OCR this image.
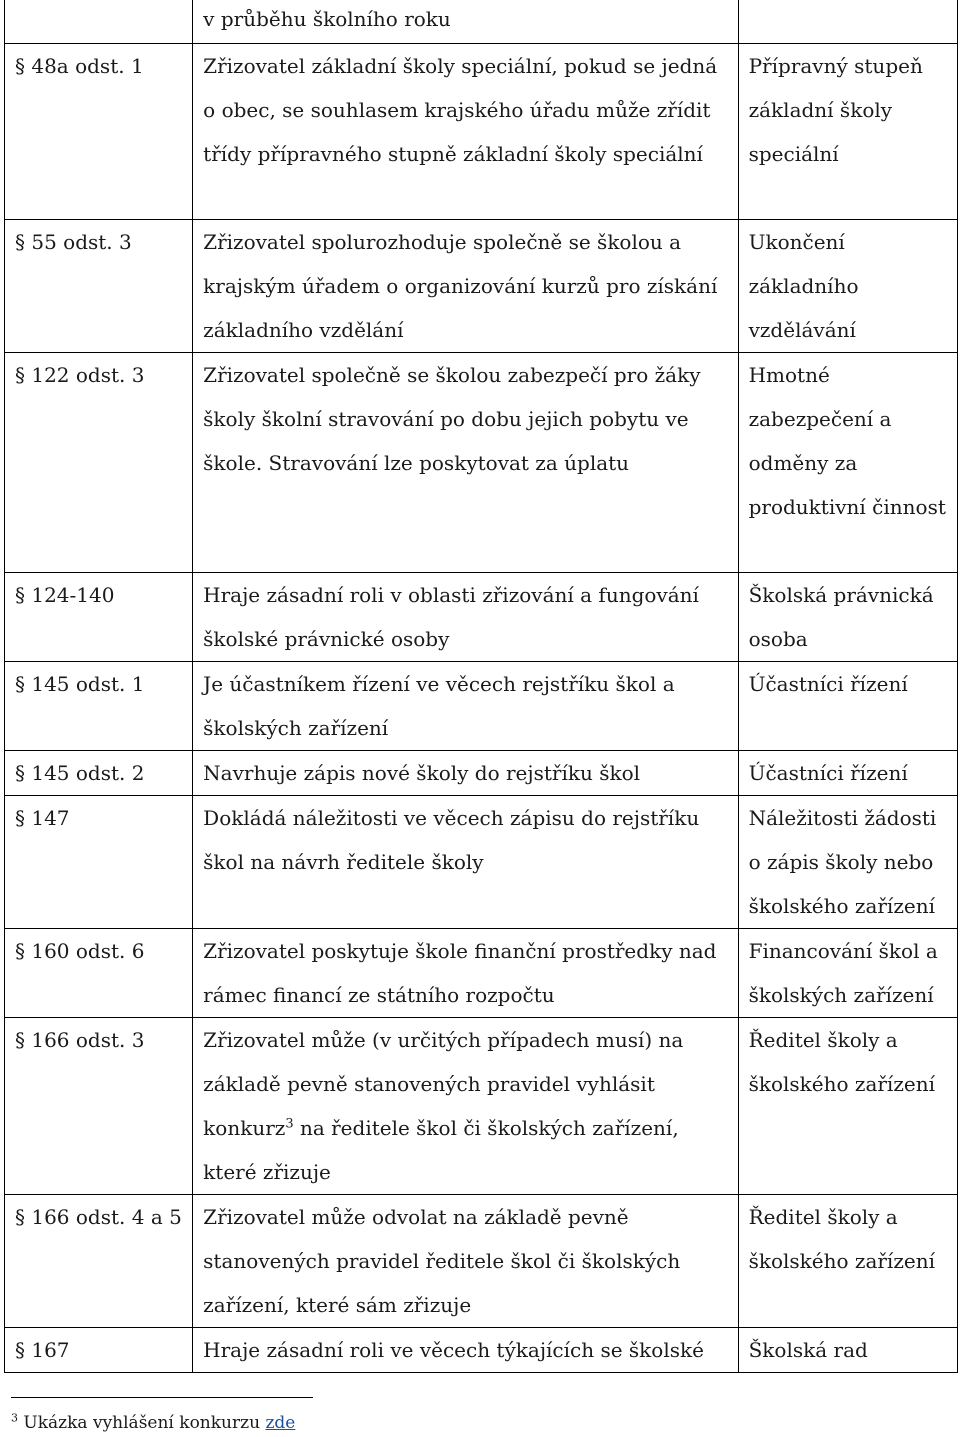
	v průběhu školního roku	
§ 48a odst. 1	Zřizovatel základní školy speciální, pokud se jedná o obec, se souhlasem krajského úřadu může zřídit třídy přípravného stupně základní školy speciální	Přípravný stupeň základní školy speciální
§ 55 odst. 3	Zřizovatel spolurozhoduje společně se školou a krajským úřadem o organizování kurzů pro získání základního vzdělání	Ukončení základního vzdělávání
§ 122 odst. 3	Zřizovatel společně se školou zabezpečí pro žáky školy školní stravování po dobu jejich pobytu ve škole. Stravování lze poskytovat za úplatu	Hmotné zabezpečení a odměny za produktivní činnost
§ 124-140	Hraje zásadní roli v oblasti zřizování a fungování školské právnické osoby	Školská právnická osoba
§ 145 odst. 1	Je účastníkem řízení ve věcech rejstříku škol a školských zařízení	Účastníci řízení
§ 145 odst. 2	Navrhuje zápis nové školy do rejstříku škol	Účastníci řízení
§ 147	Dokládá náležitosti ve věcech zápisu do rejstříku škol na návrh ředitele školy	Náležitosti žádosti o zápis školy nebo školského zařízení
§ 160 odst. 6	Zřizovatel poskytuje škole finanční prostředky nad rámec financí ze státního rozpočtu	Financování škol a školských zařízení
§ 166 odst. 3	Zřizovatel může (v určitých případech musí) na základě pevně stanovených pravidel vyhlásit konkurz$^3$ na ředitele škol či školských zařízení, které zřizuje	Ředitel školy a školského zařízení
§ 166 odst. 4 a 5	Zřizovatel může odvolat na základě pevně stanovených pravidel ředitele škol či školských zařízení, které sám zřizuje	Ředitel školy a školského zařízení
§ 167	Hraje zásadní roli ve věcech týkajících se školské	Školská rad
$^3$ Ukázka vyhlášení konkurzu zde
